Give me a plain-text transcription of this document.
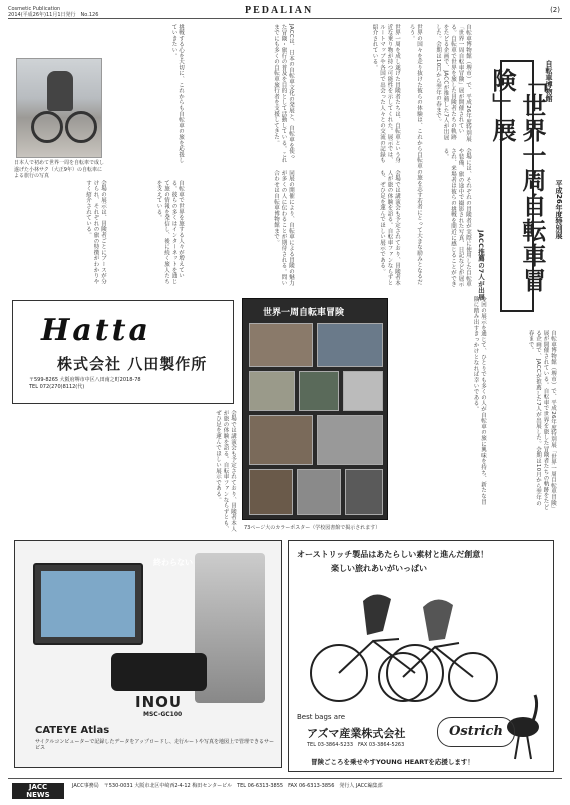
Cosmetic Publication
2014(平成26年)11月1日発行　No.126	PEDALIAN	(2)
自転車博物館
平成26年度特別展
「世界一周自転車冒険」展
JACC推薦の7人が出展
自転車博物館（堺市）で、平成26年度特別展「世界一周自転車冒険」展が開催されている。自転車で世界を旅した冒険者たちの軌跡をたどる企画で、JACCが推薦した7人が出展した。会期は10月から翌年の春まで。
会場には、それぞれの冒険者が実際に使用した自転車や装備、旅の途中で撮影された写真、日記などが展示され、来場者は彼らの挑戦を間近に感じることができる。
世界の国々を走り抜けた彼らの体験は、これから自転車の旅を志す若者にとって大きな励みとなるだろう。
世界一周を成し遂げた冒険者たちは、自転車という身近な乗り物が持つ可能性を示してくれた。展示では、ルートマップや各国で出会った人々との交流の記録も紹介されている。
会場では講演会も予定されており、冒険者本人が旅の体験を語る。自転車ファンならずとも、ぜひ足を運んでほしい展示である。
JACCは、日本の自転車文化の発展と、自転車を使った冒険・旅行の普及を目的として活動している。これまでにも多くの自転車旅行者を支援してきた。
同展の開催により、自転車による冒険の魅力が多くの人に伝わることが期待される。問い合わせは自転車博物館まで。
挑戦する心を大切に、これからも自転車の旅を応援していきたい。
自転車で世界を旅する人々が増えている。彼らの多くはインターネットを通じて旅の情報を発信し、後に続く旅人たちを支えている。
日本人で初めて世界一周を自転車で成し遂げた小林サク（大正9年）の自転車による旅行の写真
会場の展示は、冒険者ごとにブースが分けられ、それぞれの旅の特徴がわかりやすく紹介されている。
今回の展示を通じて、ひとりでも多くの人が自転車の旅に興味を持ち、新たな冒険に踏み出すきっかけとなれば幸いである。	自転車博物館（堺市）で、平成26年度特別展「世界一周自転車冒険」展が開催されている。自転車で世界を旅した冒険者たちの軌跡をたどる企画で、JACCが推薦した7人が出展した。会期は10月から翌年の春まで。
Hatta
株式会社 八田製作所
〒599-8265 大阪府堺市中区八田南之町2018-78
TEL 072(270)8112(代)
会場では講演会も予定されており、冒険者本人が旅の体験を語る。自転車ファンならずとも、ぜひ足を運んでほしい展示である。
世界一周自転車冒険
73ページ大のカラーポスター（学校図書館で掲示されます）
終わらない
INOU
MSC-GC100
CATEYE Atlas
サイクルコンピューターで記録したデータをアップロードし、走行ルートや写真を地図上で管理できるサービス
オーストリッチ製品はあたらしい素材と進んだ創意！
楽しい旅れあいがいっぱい
Best bags are
アズマ産業株式会社	Ostrich
TEL 03-3864-5233　FAX 03-3864-5263
冒険ごころを乗せやすYOUNG HEARTを応援します！
JACC
NEWS
JACC事務局　〒530-0031 大阪市北区中崎西2-4-12 梅田センタービル　TEL 06-6313-3855　FAX 06-6313-3856　発行人 JACC編集部
